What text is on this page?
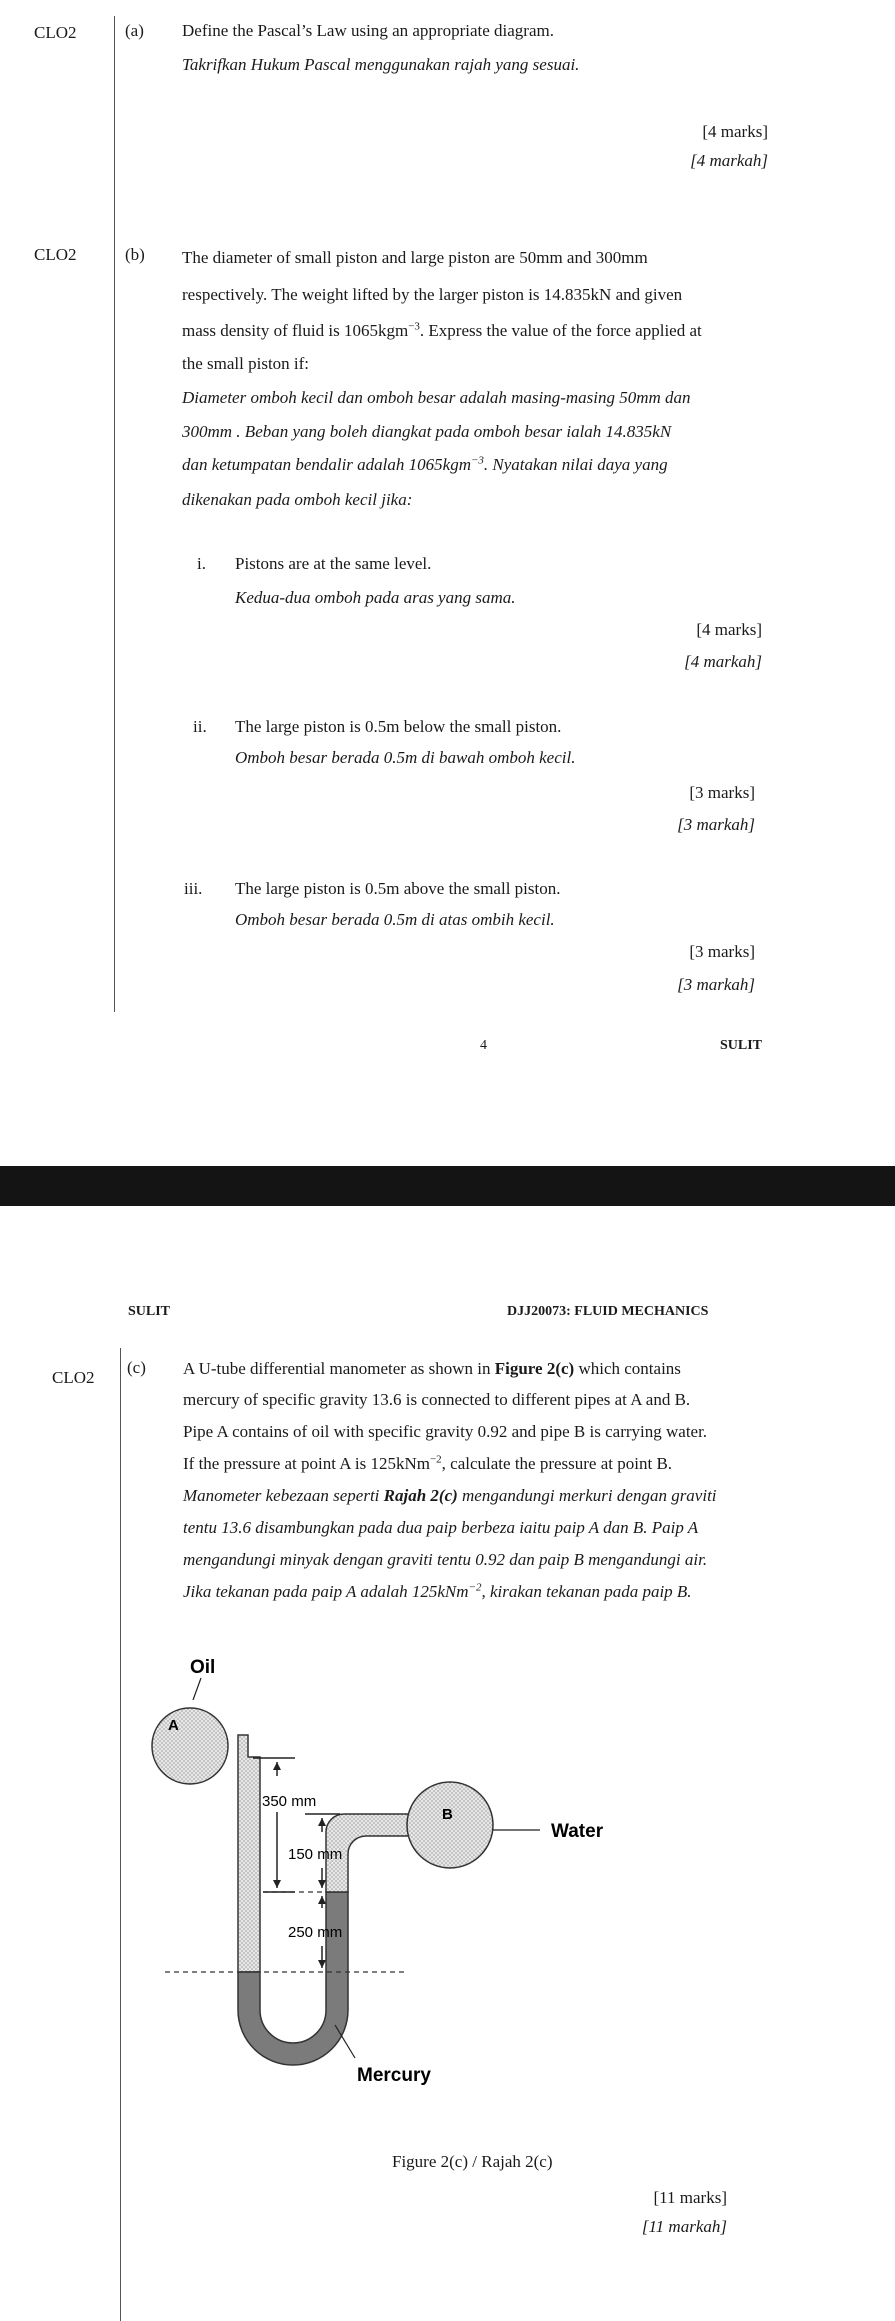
CLO2	(a) Define the Pascal’s Law using an appropriate diagram.
Takrifkan Hukum Pascal menggunakan rajah yang sesuai.
[4 marks]
[4 markah]
CLO2	(b) The diameter of small piston and large piston are 50mm and 300mm
respectively. The weight lifted by the larger piston is 14.835kN and given
mass density of fluid is 1065kgm$^{-3}$. Express the value of the force applied at
the small piston if:
Diameter omboh kecil dan omboh besar adalah masing-masing 50mm dan
300mm . Beban yang boleh diangkat pada omboh besar ialah 14.835kN
dan ketumpatan bendalir adalah 1065kgm$^{-3}$. Nyatakan nilai daya yang
dikenakan pada omboh kecil jika:
i. Pistons are at the same level.
Kedua-dua omboh pada aras yang sama.
[4 marks]
[4 markah]
ii. The large piston is 0.5m below the small piston.
Omboh besar berada 0.5m di bawah omboh kecil.
[3 marks]
[3 markah]
iii. The large piston is 0.5m above the small piston.
Omboh besar berada 0.5m di atas ombih kecil.
[3 marks]
[3 markah]
4	SULIT
SULIT	DJJ20073: FLUID MECHANICS
CLO2
(c) A U-tube differential manometer as shown in Figure 2(c) which contains
mercury of specific gravity 13.6 is connected to different pipes at A and B.
Pipe A contains of oil with specific gravity 0.92 and pipe B is carrying water.
If the pressure at point A is 125kNm$^{-2}$, calculate the pressure at point B.
Manometer kebezaan seperti Rajah 2(c) mengandungi merkuri dengan graviti
tentu 13.6 disambungkan pada dua paip berbeza iaitu paip A dan B. Paip A
mengandungi minyak dengan graviti tentu 0.92 dan paip B mengandungi air.
Jika tekanan pada paip A adalah 125kNm$^{-2}$, kirakan tekanan pada paip B.
Oil
A
B
Water
Mercury
350 mm
150 mm
250 mm
Figure 2(c) / Rajah 2(c)
[11 marks]
[11 markah]
